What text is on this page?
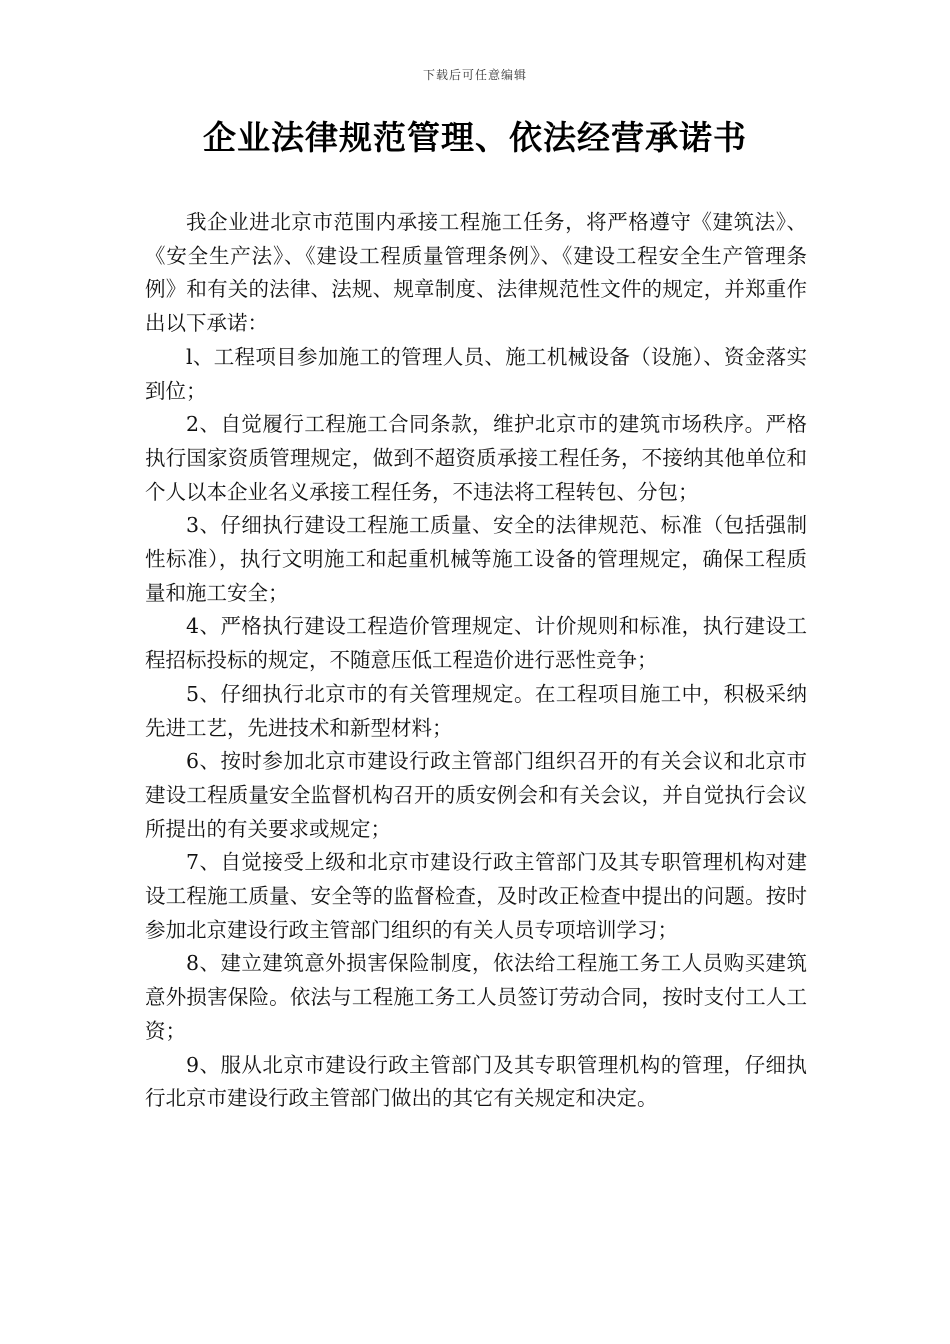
下载后可任意编辑
企业法律规范管理、依法经营承诺书

我企业进北京市范围内承接工程施工任务，将严格遵守《建筑法》、《安全生产法》、《建设工程质量管理条例》、《建设工程安全生产管理条例》和有关的法律、法规、规章制度、法律规范性文件的规定，并郑重作出以下承诺：

l、工程项目参加施工的管理人员、施工机械设备（设施）、资金落实到位；

2、自觉履行工程施工合同条款，维护北京市的建筑市场秩序。严格执行国家资质管理规定，做到不超资质承接工程任务，不接纳其他单位和个人以本企业名义承接工程任务，不违法将工程转包、分包；

3、仔细执行建设工程施工质量、安全的法律规范、标准（包括强制性标准），执行文明施工和起重机械等施工设备的管理规定，确保工程质量和施工安全；

4、严格执行建设工程造价管理规定、计价规则和标准，执行建设工程招标投标的规定，不随意压低工程造价进行恶性竞争；

5、仔细执行北京市的有关管理规定。在工程项目施工中，积极采纳先进工艺，先进技术和新型材料；

6、按时参加北京市建设行政主管部门组织召开的有关会议和北京市建设工程质量安全监督机构召开的质安例会和有关会议，并自觉执行会议所提出的有关要求或规定；

7、自觉接受上级和北京市建设行政主管部门及其专职管理机构对建设工程施工质量、安全等的监督检查，及时改正检查中提出的问题。按时参加北京建设行政主管部门组织的有关人员专项培训学习；

8、建立建筑意外损害保险制度，依法给工程施工务工人员购买建筑意外损害保险。依法与工程施工务工人员签订劳动合同，按时支付工人工资；

9、服从北京市建设行政主管部门及其专职管理机构的管理，仔细执行北京市建设行政主管部门做出的其它有关规定和决定。
